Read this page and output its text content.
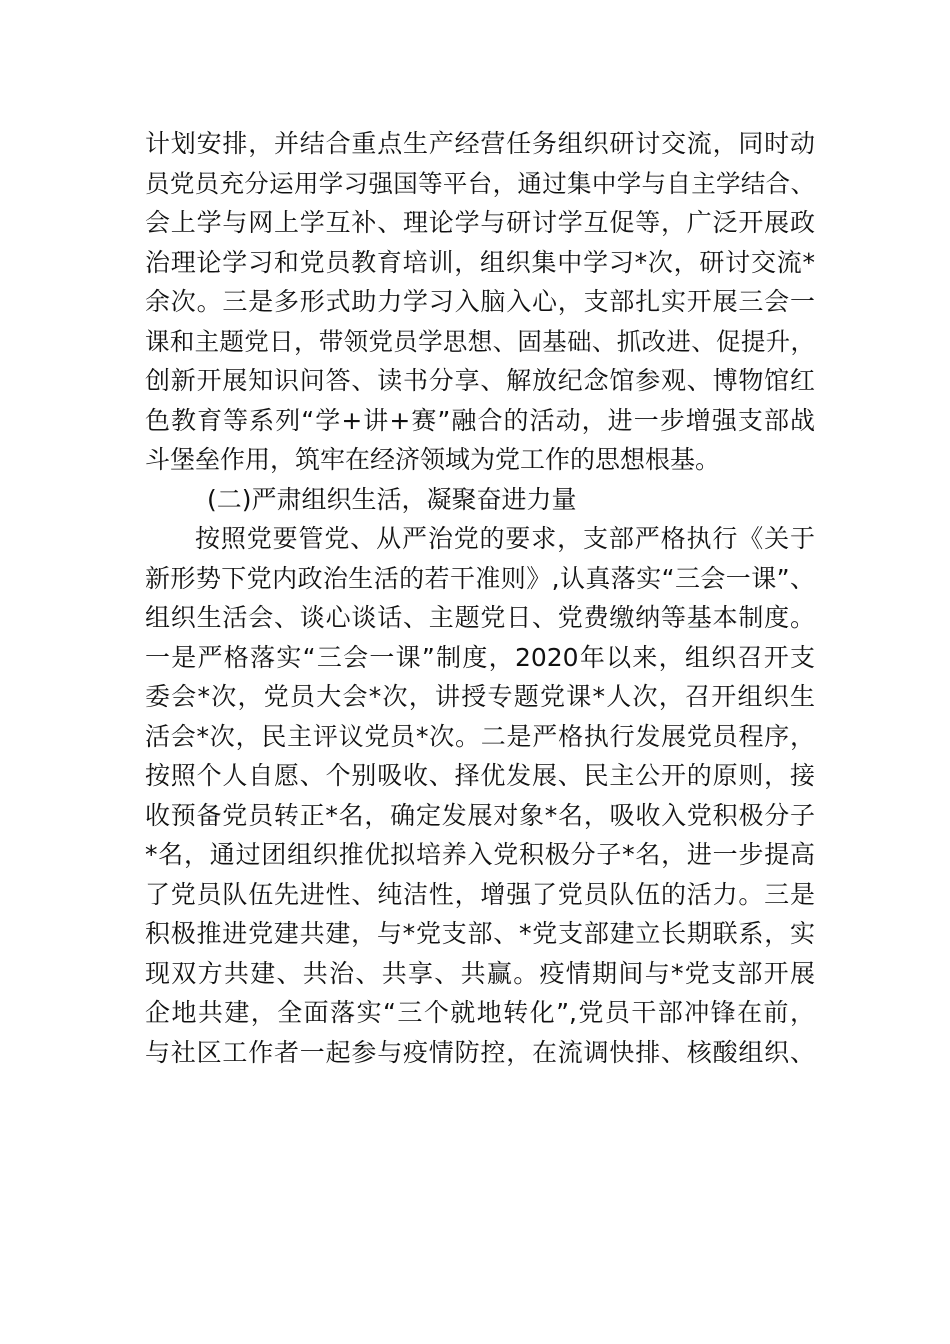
计划安排，并结合重点生产经营任务组织研讨交流，同时动
员党员充分运用学习强国等平台，通过集中学与自主学结合、
会上学与网上学互补、理论学与研讨学互促等，广泛开展政
治理论学习和党员教育培训，组织集中学习*次，研讨交流*
余次。三是多形式助力学习入脑入心，支部扎实开展三会一
课和主题党日，带领党员学思想、固基础、抓改进、促提升，
创新开展知识问答、读书分享、解放纪念馆参观、博物馆红
色教育等系列“学+讲+赛”融合的活动，进一步增强支部战
斗堡垒作用，筑牢在经济领域为党工作的思想根基。
(二)严肃组织生活，凝聚奋进力量
按照党要管党、从严治党的要求，支部严格执行《关于
新形势下党内政治生活的若干准则》,认真落实“三会一课”、
组织生活会、谈心谈话、主题党日、党费缴纳等基本制度。
一是严格落实“三会一课”制度，2020年以来，组织召开支
委会*次，党员大会*次，讲授专题党课*人次，召开组织生
活会*次，民主评议党员*次。二是严格执行发展党员程序，
按照个人自愿、个别吸收、择优发展、民主公开的原则，接
收预备党员转正*名，确定发展对象*名，吸收入党积极分子
*名，通过团组织推优拟培养入党积极分子*名，进一步提高
了党员队伍先进性、纯洁性，增强了党员队伍的活力。三是
积极推进党建共建，与*党支部、*党支部建立长期联系，实
现双方共建、共治、共享、共赢。疫情期间与*党支部开展
企地共建，全面落实“三个就地转化”,党员干部冲锋在前，
与社区工作者一起参与疫情防控，在流调快排、核酸组织、
